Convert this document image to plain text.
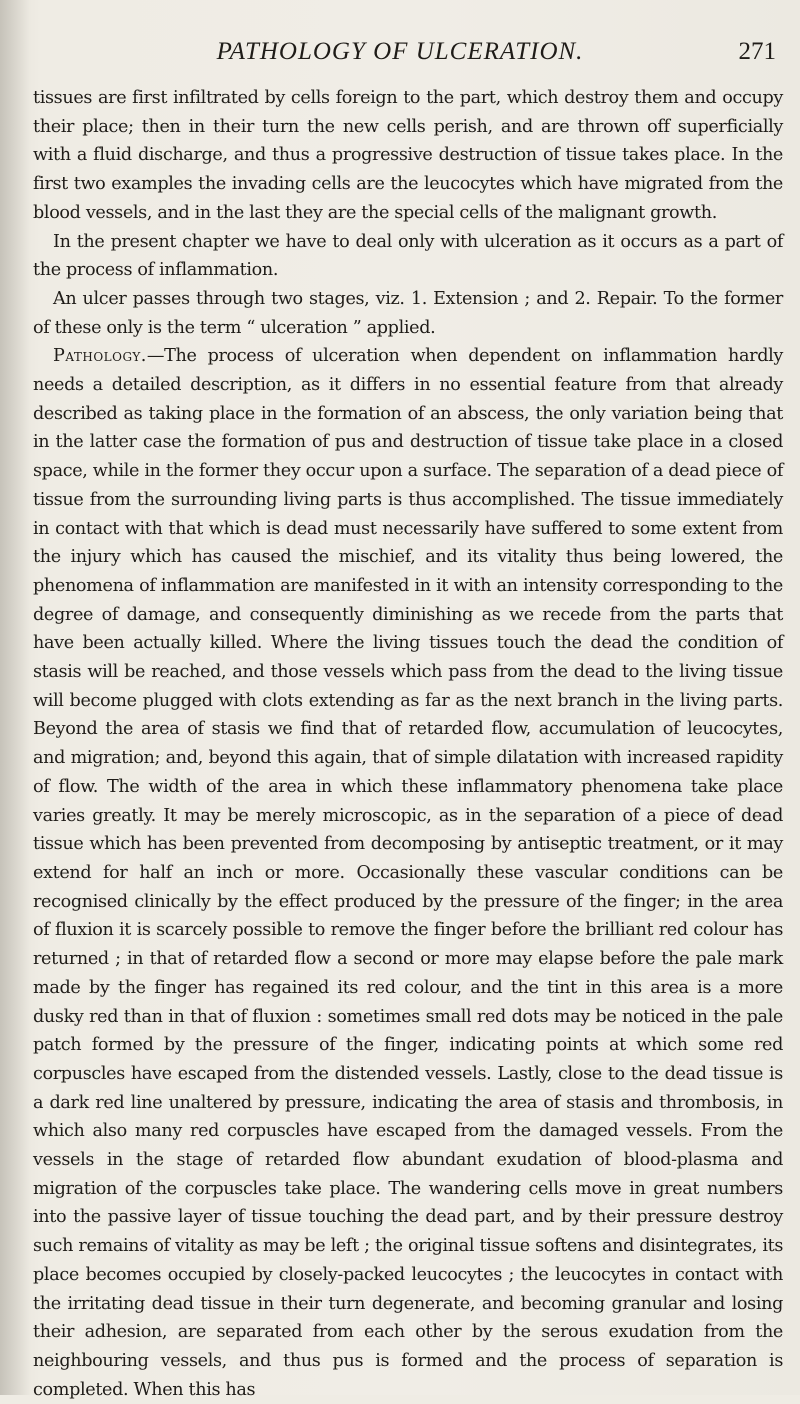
PATHOLOGY OF ULCERATION.	271

tissues are first infiltrated by cells foreign to the part, which destroy them and occupy their place; then in their turn the new cells perish, and are thrown off superficially with a fluid discharge, and thus a progressive destruction of tissue takes place. In the first two examples the invading cells are the leucocytes which have migrated from the blood vessels, and in the last they are the special cells of the malignant growth.

In the present chapter we have to deal only with ulceration as it occurs as a part of the process of inflammation.

An ulcer passes through two stages, viz. 1. Extension ; and 2. Repair. To the former of these only is the term “ ulceration ” applied.

Pathology.—The process of ulceration when dependent on inflammation hardly needs a detailed description, as it differs in no essential feature from that already described as taking place in the formation of an abscess, the only variation being that in the latter case the formation of pus and destruction of tissue take place in a closed space, while in the former they occur upon a surface. The separation of a dead piece of tissue from the surrounding living parts is thus accomplished. The tissue immediately in contact with that which is dead must necessarily have suffered to some extent from the injury which has caused the mischief, and its vitality thus being lowered, the phenomena of inflammation are manifested in it with an intensity corresponding to the degree of damage, and consequently diminishing as we recede from the parts that have been actually killed. Where the living tissues touch the dead the condition of stasis will be reached, and those vessels which pass from the dead to the living tissue will become plugged with clots extending as far as the next branch in the living parts. Beyond the area of stasis we find that of retarded flow, accumulation of leucocytes, and migration; and, beyond this again, that of simple dilatation with increased rapidity of flow. The width of the area in which these inflammatory phenomena take place varies greatly. It may be merely microscopic, as in the separation of a piece of dead tissue which has been prevented from decomposing by antiseptic treatment, or it may extend for half an inch or more. Occasionally these vascular conditions can be recognised clinically by the effect produced by the pressure of the finger; in the area of fluxion it is scarcely possible to remove the finger before the brilliant red colour has returned ; in that of retarded flow a second or more may elapse before the pale mark made by the finger has regained its red colour, and the tint in this area is a more dusky red than in that of fluxion : sometimes small red dots may be noticed in the pale patch formed by the pressure of the finger, indicating points at which some red corpuscles have escaped from the distended vessels. Lastly, close to the dead tissue is a dark red line unaltered by pressure, indicating the area of stasis and thrombosis, in which also many red corpuscles have escaped from the damaged vessels. From the vessels in the stage of retarded flow abundant exudation of blood-plasma and migration of the corpuscles take place. The wandering cells move in great numbers into the passive layer of tissue touching the dead part, and by their pressure destroy such remains of vitality as may be left ; the original tissue softens and disintegrates, its place becomes occupied by closely-packed leucocytes ; the leucocytes in contact with the irritating dead tissue in their turn degenerate, and becoming granular and losing their adhesion, are separated from each other by the serous exudation from the neighbouring vessels, and thus pus is formed and the process of separation is completed. When this has
